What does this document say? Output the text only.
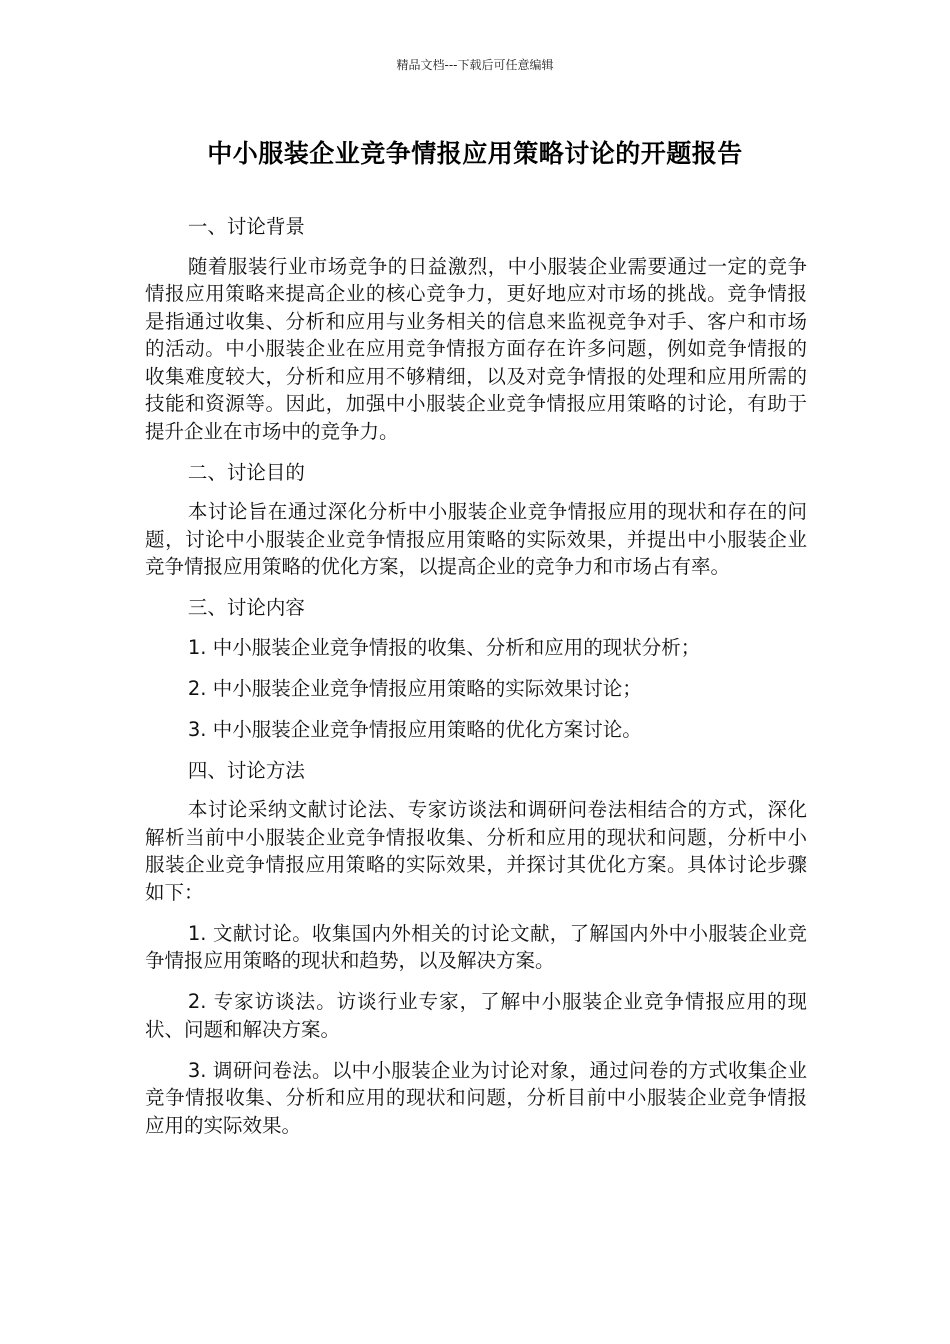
精品文档---下载后可任意编辑
中小服装企业竞争情报应用策略讨论的开题报告

一、讨论背景

随着服装行业市场竞争的日益激烈，中小服装企业需要通过一定的竞争情报应用策略来提高企业的核心竞争力，更好地应对市场的挑战。竞争情报是指通过收集、分析和应用与业务相关的信息来监视竞争对手、客户和市场的活动。中小服装企业在应用竞争情报方面存在许多问题，例如竞争情报的收集难度较大，分析和应用不够精细，以及对竞争情报的处理和应用所需的技能和资源等。因此，加强中小服装企业竞争情报应用策略的讨论，有助于提升企业在市场中的竞争力。

二、讨论目的

本讨论旨在通过深化分析中小服装企业竞争情报应用的现状和存在的问题，讨论中小服装企业竞争情报应用策略的实际效果，并提出中小服装企业竞争情报应用策略的优化方案，以提高企业的竞争力和市场占有率。

三、讨论内容

1. 中小服装企业竞争情报的收集、分析和应用的现状分析；

2. 中小服装企业竞争情报应用策略的实际效果讨论；

3. 中小服装企业竞争情报应用策略的优化方案讨论。

四、讨论方法

本讨论采纳文献讨论法、专家访谈法和调研问卷法相结合的方式，深化解析当前中小服装企业竞争情报收集、分析和应用的现状和问题，分析中小服装企业竞争情报应用策略的实际效果，并探讨其优化方案。具体讨论步骤如下：

1. 文献讨论。收集国内外相关的讨论文献，了解国内外中小服装企业竞争情报应用策略的现状和趋势，以及解决方案。

2. 专家访谈法。访谈行业专家，了解中小服装企业竞争情报应用的现状、问题和解决方案。

3. 调研问卷法。以中小服装企业为讨论对象，通过问卷的方式收集企业竞争情报收集、分析和应用的现状和问题，分析目前中小服装企业竞争情报应用的实际效果。
